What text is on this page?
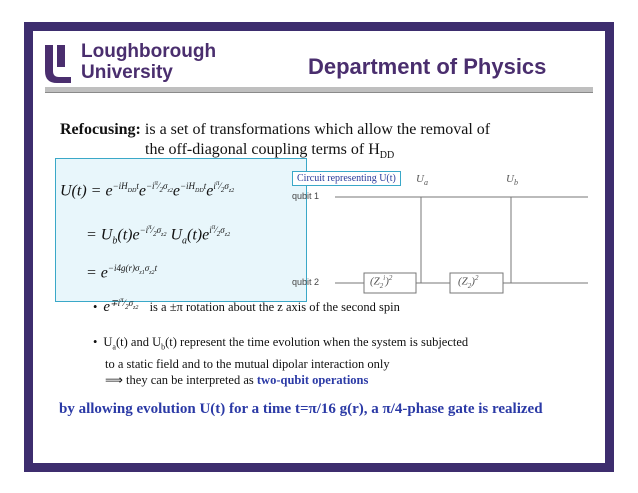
Loughborough
University	Department of Physics
Refocusing: is a set of transformations which allow the removal of
the off-diagonal coupling terms of $H_{DD}$
$U(t) = e^{-iH_{DD}t}e^{-i^\pi⁄_2\sigma_{z2}}e^{-iH_{DD}t}e^{i^\pi⁄_2\sigma_{z2}}$
= $U_b(t)e^{-i^\pi⁄_2\sigma_{z2}}$ $U_a(t)e^{i^\pi⁄_2\sigma_{z2}}$
= $e^{-i4g(r)\sigma_{z1}\sigma_{z2}t}$
Circuit representing U(t)
qubit 1
qubit 2
$U_a$	$U_b$
$(Z_2^i)^2$	$(Z_2)^2$
• $e^{\mp i^\pi⁄_2\sigma_{z2}}$ is a ±π rotation about the z axis of the second spin
• $U_a(t)$ and $U_b(t)$ represent the time evolution when the system is subjected
to a static field and to the mutual dipolar interaction only
⟹ they can be interpreted as two-qubit operations
by allowing evolution U(t) for a time t=π/16 g(r), a π/4-phase gate is realized
